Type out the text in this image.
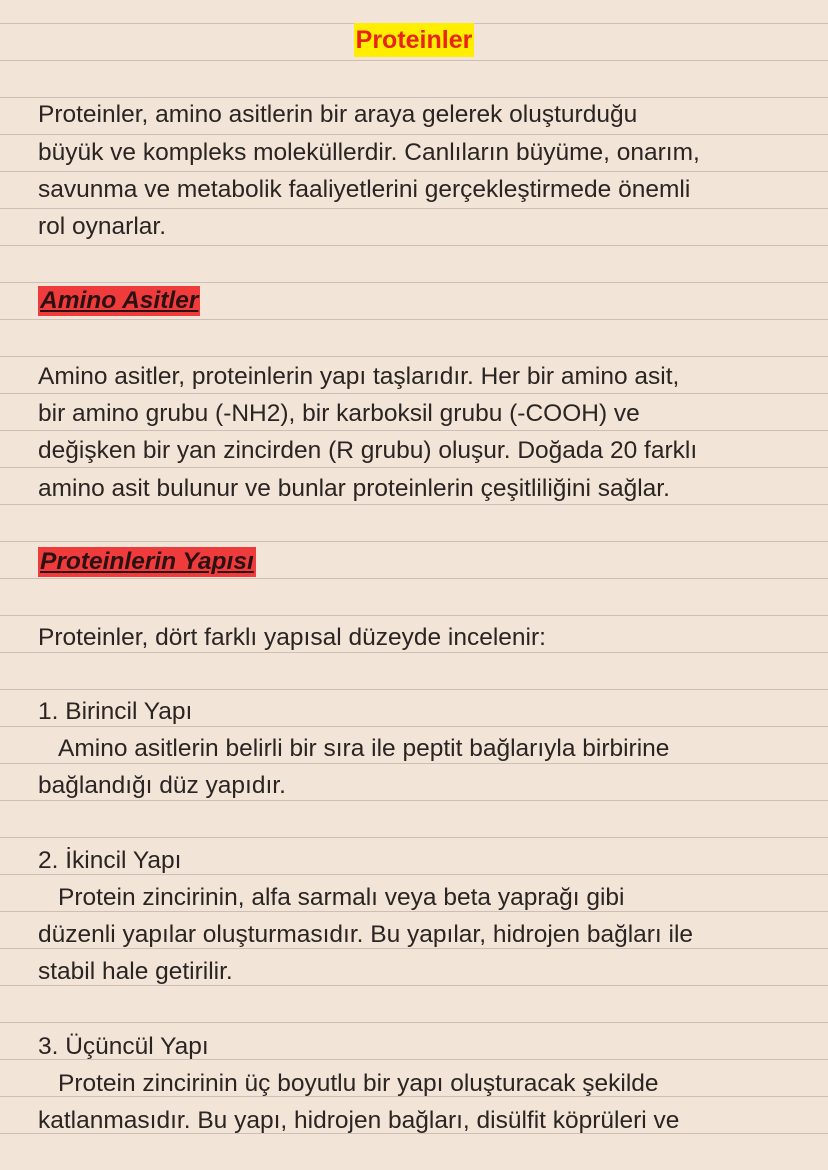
Proteinler
Proteinler, amino asitlerin bir araya gelerek oluşturduğu
büyük ve kompleks moleküllerdir. Canlıların büyüme, onarım,
savunma ve metabolik faaliyetlerini gerçekleştirmede önemli
rol oynarlar.
Amino Asitler
Amino asitler, proteinlerin yapı taşlarıdır. Her bir amino asit,
bir amino grubu (-NH2), bir karboksil grubu (-COOH) ve
değişken bir yan zincirden (R grubu) oluşur. Doğada 20 farklı
amino asit bulunur ve bunlar proteinlerin çeşitliliğini sağlar.
Proteinlerin Yapısı
Proteinler, dört farklı yapısal düzeyde incelenir:
1. Birincil Yapı
Amino asitlerin belirli bir sıra ile peptit bağlarıyla birbirine
bağlandığı düz yapıdır.
2. İkincil Yapı
Protein zincirinin, alfa sarmalı veya beta yaprağı gibi
düzenli yapılar oluşturmasıdır. Bu yapılar, hidrojen bağları ile
stabil hale getirilir.
3. Üçüncül Yapı
Protein zincirinin üç boyutlu bir yapı oluşturacak şekilde
katlanmasıdır. Bu yapı, hidrojen bağları, disülfit köprüleri ve
